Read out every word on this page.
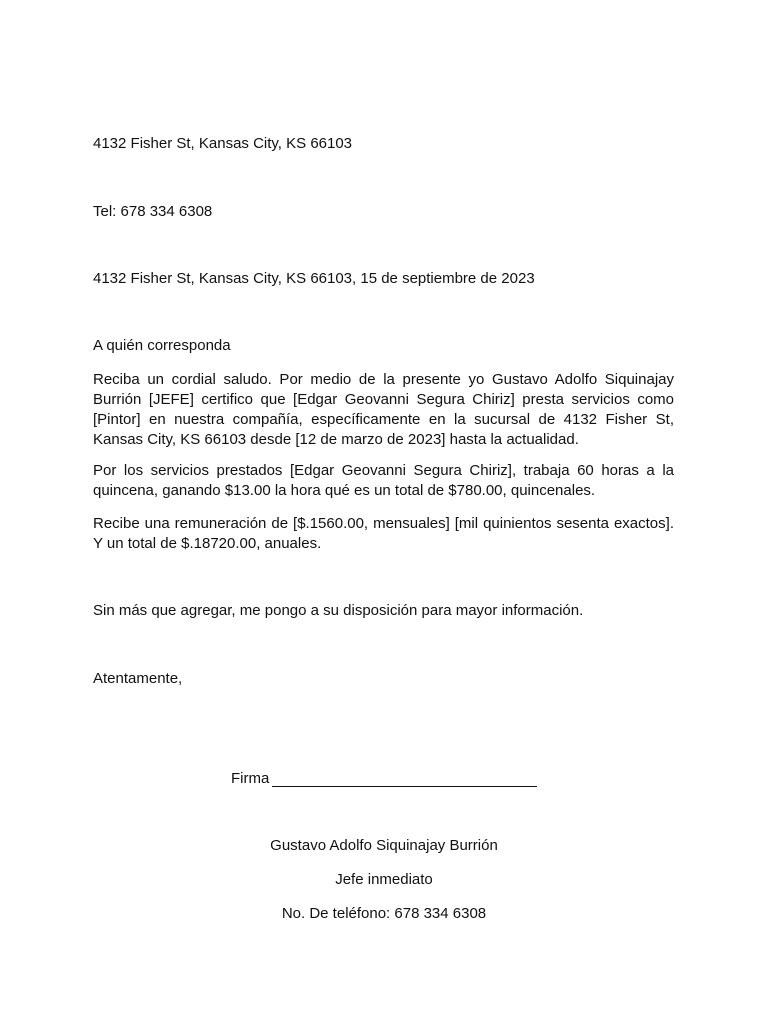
4132 Fisher St, Kansas City, KS 66103
Tel: 678 334 6308
4132 Fisher St, Kansas City, KS 66103, 15 de septiembre de 2023
A quién corresponda
Reciba un cordial saludo. Por medio de la presente yo Gustavo Adolfo Siquinajay Burrión [JEFE] certifico que [Edgar Geovanni Segura Chiriz] presta servicios como [Pintor] en nuestra compañía, específicamente en la sucursal de 4132 Fisher St, Kansas City, KS 66103 desde [12 de marzo de 2023] hasta la actualidad.
Por los servicios prestados [Edgar Geovanni Segura Chiriz], trabaja 60 horas a la quincena, ganando $13.00 la hora qué es un total de $780.00, quincenales.
Recibe una remuneración de [$.1560.00, mensuales] [mil quinientos sesenta exactos]. Y un total de $.18720.00, anuales.
Sin más que agregar, me pongo a su disposición para mayor información.
Atentamente,
Firma
Gustavo Adolfo Siquinajay Burrión
Jefe inmediato
No. De teléfono: 678 334 6308
